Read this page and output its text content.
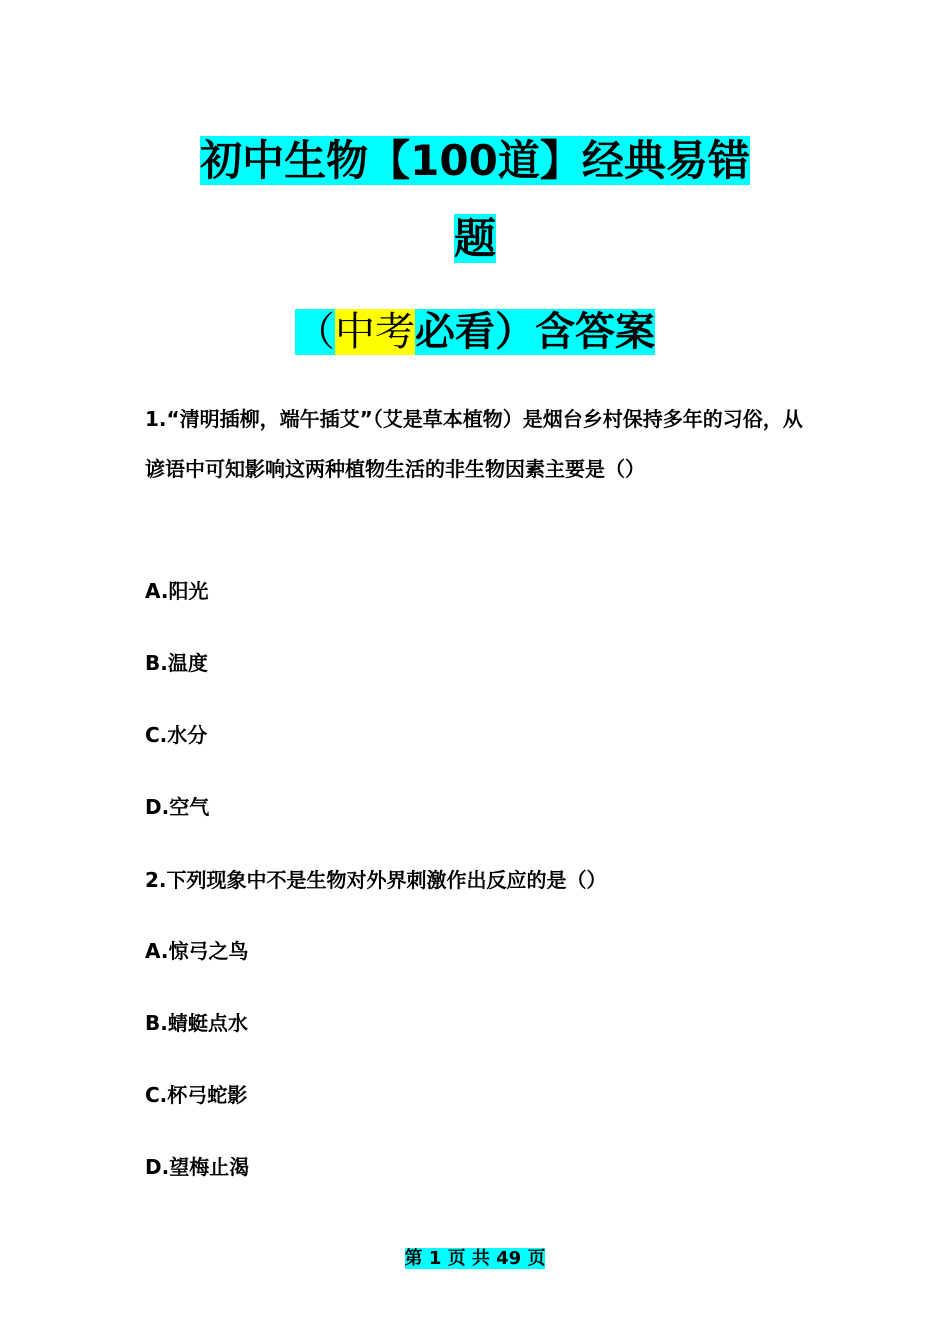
初中生物【100道】经典易错
题
（中考必看）含答案
1.“清明插柳，端午插艾”（艾是草本植物）是烟台乡村保持多年的习俗，从谚语中可知影响这两种植物生活的非生物因素主要是（）
A.阳光
B.温度
C.水分
D.空气
2.下列现象中不是生物对外界刺激作出反应的是（）
A.惊弓之鸟
B.蜻蜓点水
C.杯弓蛇影
D.望梅止渴
第 1 页 共 49 页
